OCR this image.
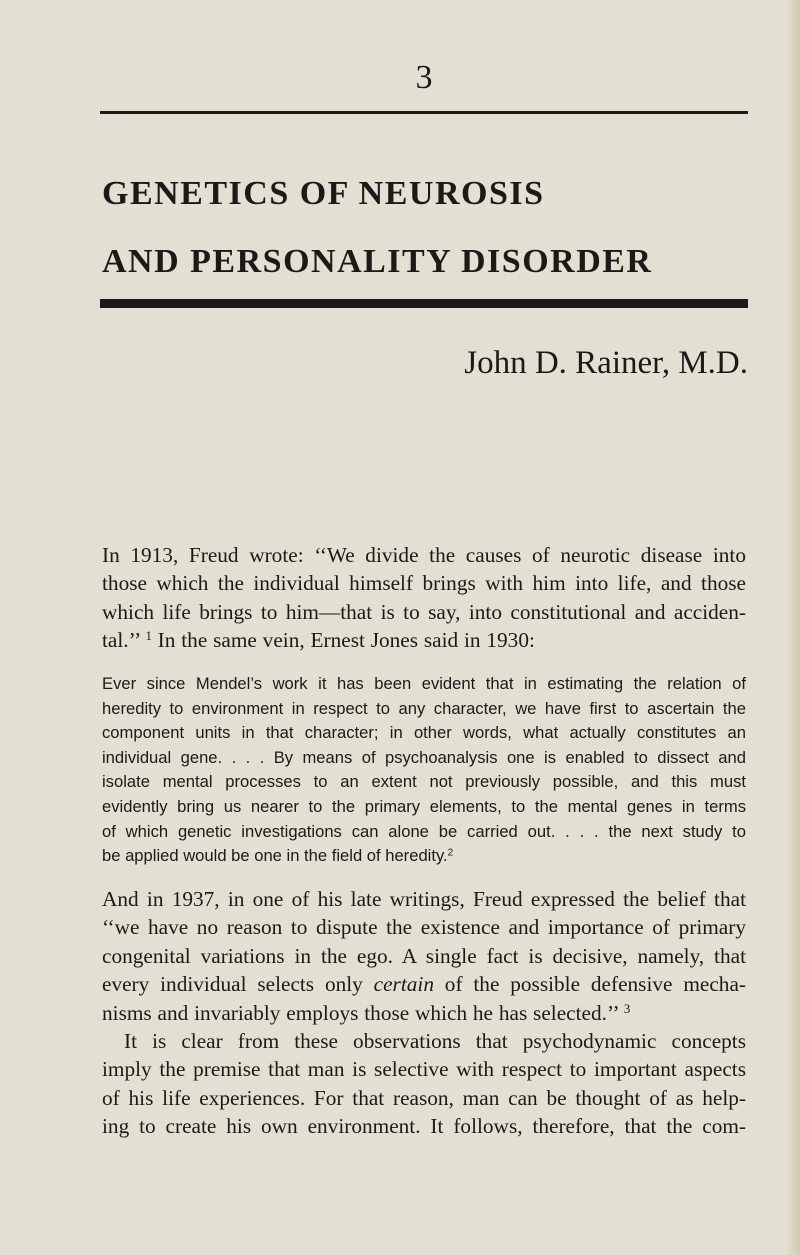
3
GENETICS OF NEUROSIS
AND PERSONALITY DISORDER
John D. Rainer, M.D.

In 1913, Freud wrote: ‘‘We divide the causes of neurotic disease into
those which the individual himself brings with him into life, and those
which life brings to him—that is to say, into constitutional and acciden-
tal.’’ $^1$ In the same vein, Ernest Jones said in 1930:

Ever since Mendel’s work it has been evident that in estimating the relation of
heredity to environment in respect to any character, we have first to ascertain the
component units in that character; in other words, what actually constitutes an
individual gene. . . . By means of psychoanalysis one is enabled to dissect and
isolate mental processes to an extent not previously possible, and this must
evidently bring us nearer to the primary elements, to the mental genes in terms
of which genetic investigations can alone be carried out. . . . the next study to
be applied would be one in the field of heredity.$^2$

And in 1937, in one of his late writings, Freud expressed the belief that
‘‘we have no reason to dispute the existence and importance of primary
congenital variations in the ego. A single fact is decisive, namely, that
every individual selects only certain of the possible defensive mecha-
nisms and invariably employs those which he has selected.’’ $^3$

It is clear from these observations that psychodynamic concepts
imply the premise that man is selective with respect to important aspects
of his life experiences. For that reason, man can be thought of as help-
ing to create his own environment. It follows, therefore, that the com-
